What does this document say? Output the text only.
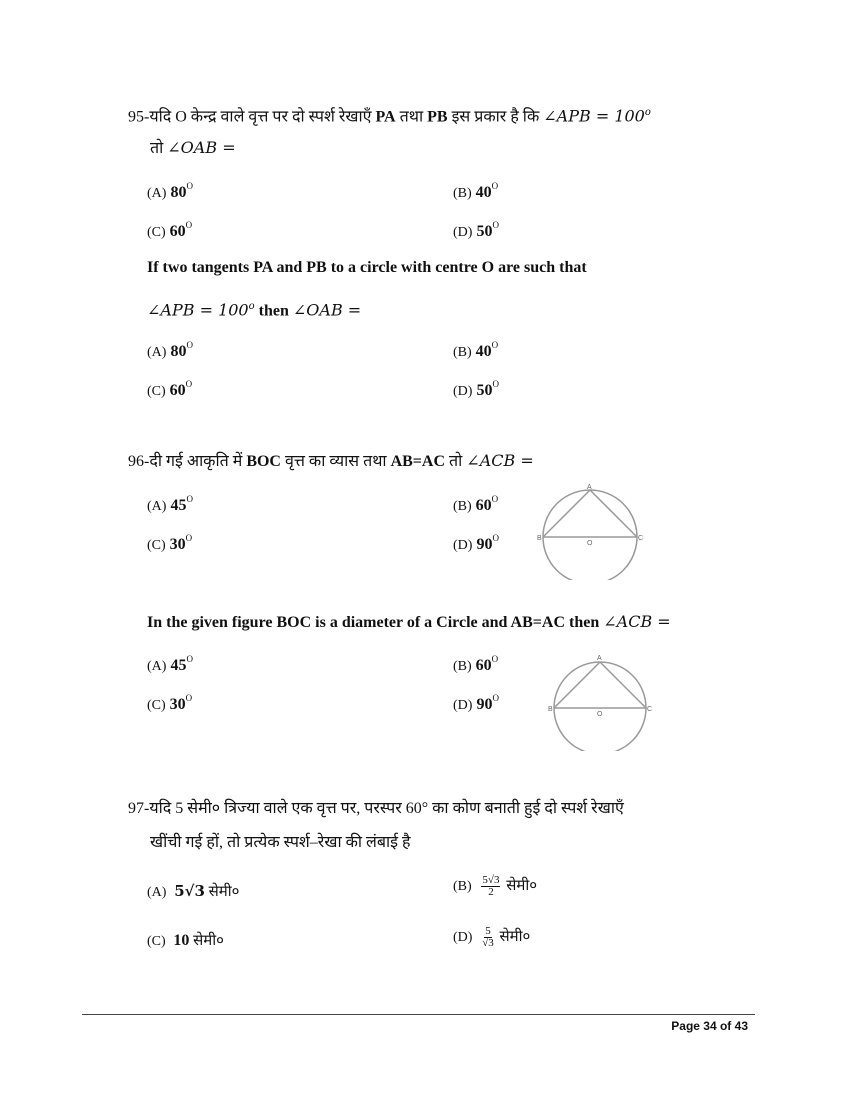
95-यदि O केन्द्र वाले वृत्त पर दो स्पर्श रेखाएँ PA तथा PB इस प्रकार है कि ∠APB = $100^o$
तो ∠OAB =
(A) $80^O$	(B) $40^O$
(C) $60^O$	(D) $50^O$
If two tangents PA and PB to a circle with centre O are such that
∠APB = $100^o$ then ∠OAB =
(A) $80^O$	(B) $40^O$
(C) $60^O$	(D) $50^O$
96-दी गई आकृति में BOC वृत्त का व्यास तथा AB=AC तो ∠ACB =
(A) $45^O$	(B) $60^O$
(C) $30^O$	(D) $90^O$
A
B
O
C
In the given figure BOC is a diameter of a Circle and AB=AC then ∠ACB =
(A) $45^O$	(B) $60^O$
(C) $30^O$	(D) $90^O$
A
B
O
C
97-यदि 5 सेमी० त्रिज्या वाले एक वृत्त पर, परस्पर 60° का कोण बनाती हुई दो स्पर्श रेखाएँ
खींची गई हों, तो प्रत्येक स्पर्श–रेखा की लंबाई है
(A) 5√3 सेमी०	$(B) \frac{5√3}{2}$ सेमी०
(C) 10 सेमी०	$(D) \frac{5}{√3}$ सेमी०
Page 34 of 43
